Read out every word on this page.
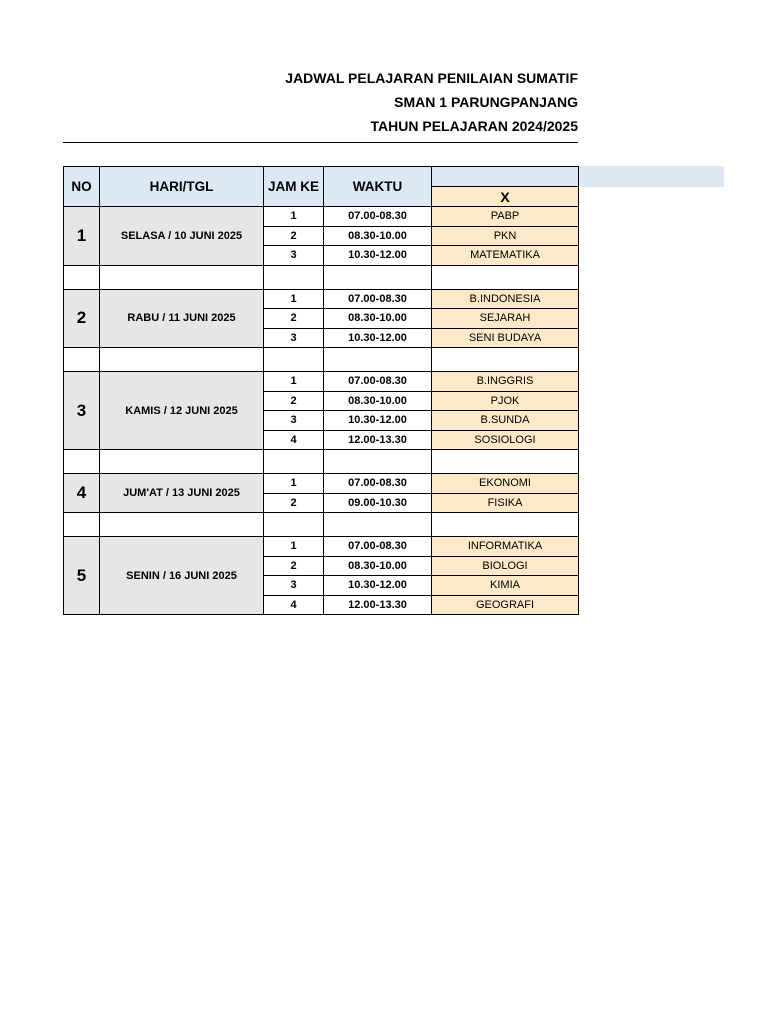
JADWAL PELAJARAN PENILAIAN SUMATIF
SMAN 1 PARUNGPANJANG
TAHUN PELAJARAN 2024/2025
NO	HARI/TGL	JAM KE	WAKTU	
				X
1	SELASA / 10 JUNI 2025	1	07.00-08.30	PABP
		2	08.30-10.00	PKN
		3	10.30-12.00	MATEMATIKA

2	RABU / 11 JUNI 2025	1	07.00-08.30	B.INDONESIA
		2	08.30-10.00	SEJARAH
		3	10.30-12.00	SENI BUDAYA

3	KAMIS / 12 JUNI 2025	1	07.00-08.30	B.INGGRIS
		2	08.30-10.00	PJOK
		3	10.30-12.00	B.SUNDA
		4	12.00-13.30	SOSIOLOGI

4	JUM'AT / 13 JUNI 2025	1	07.00-08.30	EKONOMI
		2	09.00-10.30	FISIKA

5	SENIN / 16 JUNI 2025	1	07.00-08.30	INFORMATIKA
		2	08.30-10.00	BIOLOGI
		3	10.30-12.00	KIMIA
		4	12.00-13.30	GEOGRAFI
